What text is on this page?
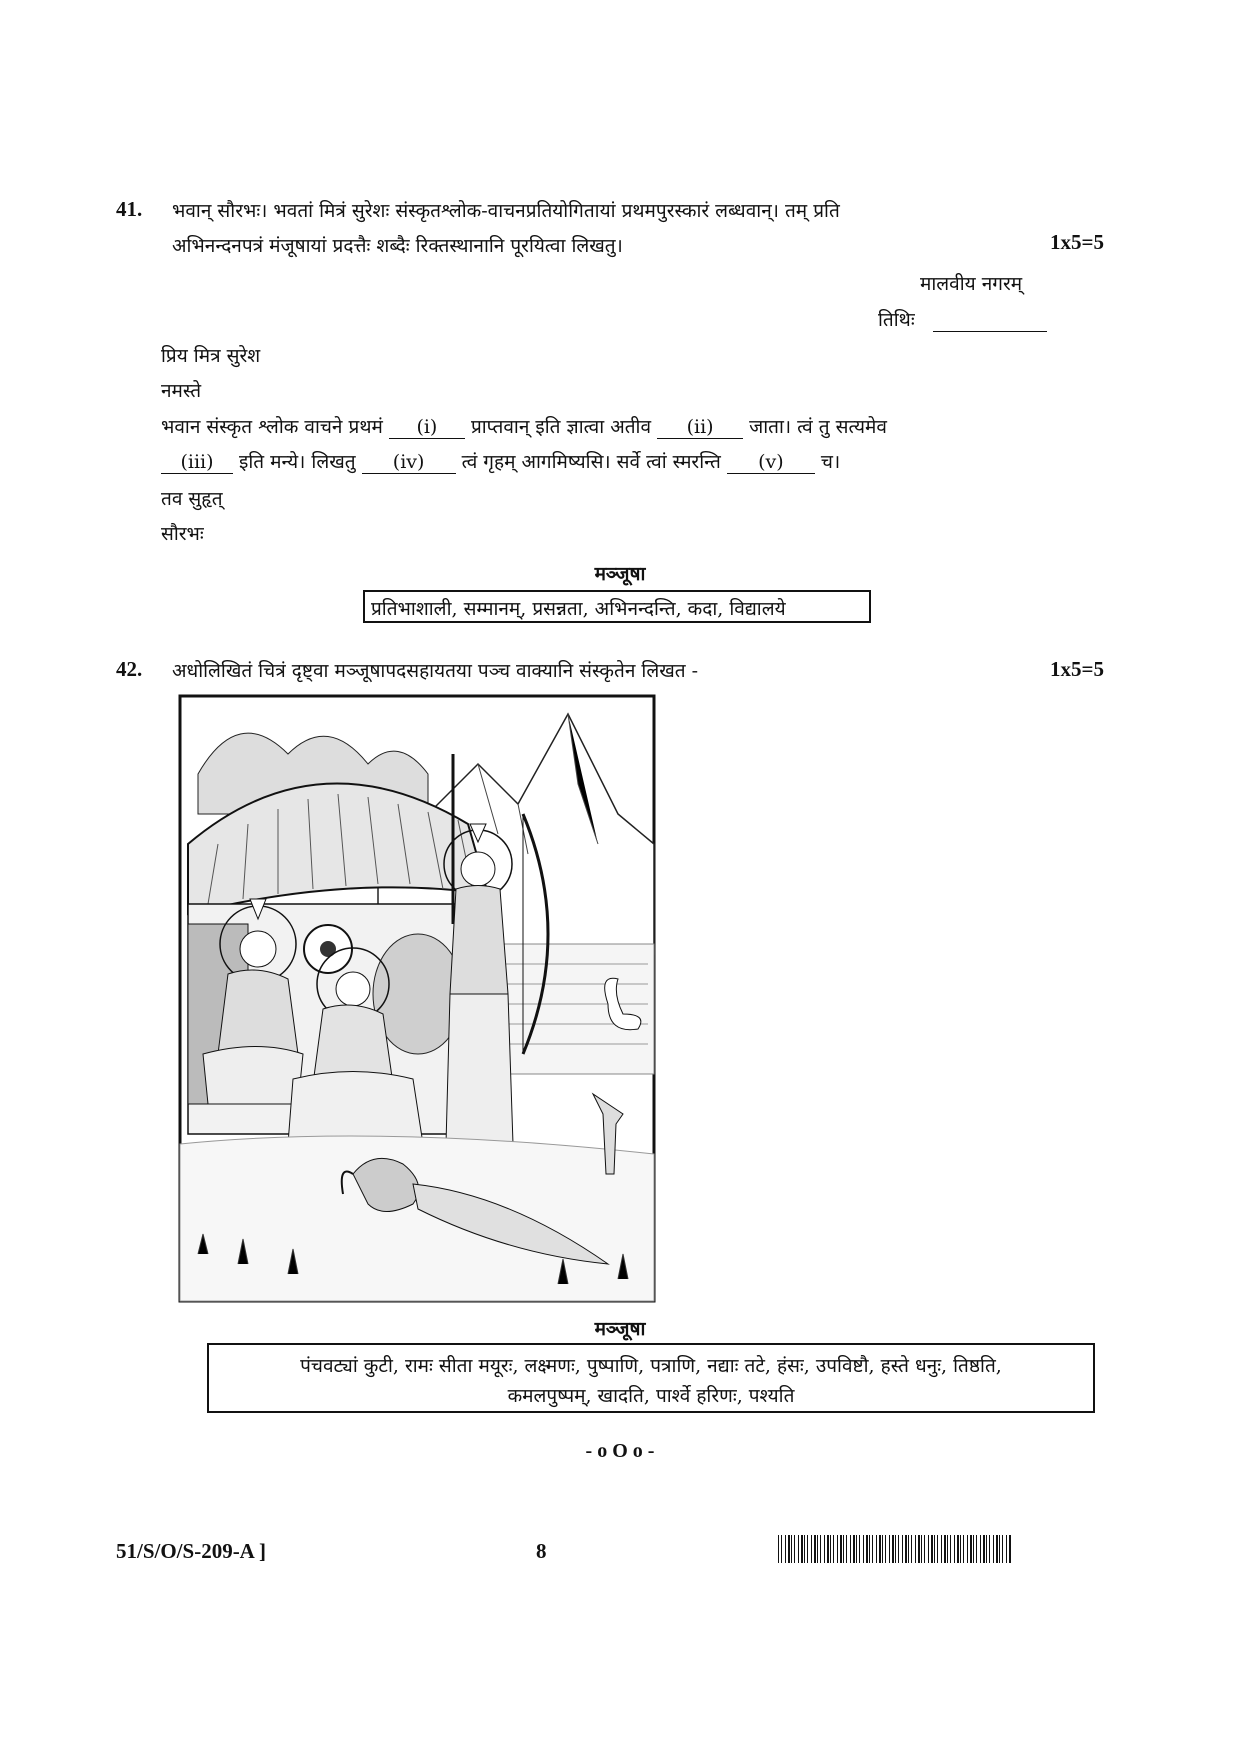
41. भवान् सौरभः। भवतां मित्रं सुरेशः संस्कृतश्लोक-वाचनप्रतियोगितायां प्रथमपुरस्कारं लब्धवान्। तम् प्रति
अभिनन्दनपत्रं मंजूषायां प्रदत्तैः शब्दैः रिक्तस्थानानि पूरयित्वा लिखतु।	1x5=5
मालवीय नगरम्
तिथिः
प्रिय मित्र सुरेश
नमस्ते
भवान संस्कृत श्लोक वाचने प्रथमं (i) प्राप्तवान् इति ज्ञात्वा अतीव (ii) जाता। त्वं तु सत्यमेव
(iii) इति मन्ये। लिखतु (iv) त्वं गृहम् आगमिष्यसि। सर्वे त्वां स्मरन्ति (v) च।
तव सुहृत्
सौरभः
मञ्जूषा
प्रतिभाशाली, सम्मानम्, प्रसन्नता, अभिनन्दन्ति, कदा, विद्यालये
42. अधोलिखितं चित्रं दृष्ट्वा मञ्जूषापदसहायतया पञ्च वाक्यानि संस्कृतेन लिखत -	1x5=5
मञ्जूषा
पंचवट्यां कुटी, रामः सीता मयूरः, लक्ष्मणः, पुष्पाणि, पत्राणि, नद्याः तटे, हंसः, उपविष्टौ, हस्ते धनुः, तिष्ठति,
कमलपुष्पम्, खादति, पार्श्वे हरिणः, पश्यति
- o O o -
51/S/O/S-209-A ]	8
